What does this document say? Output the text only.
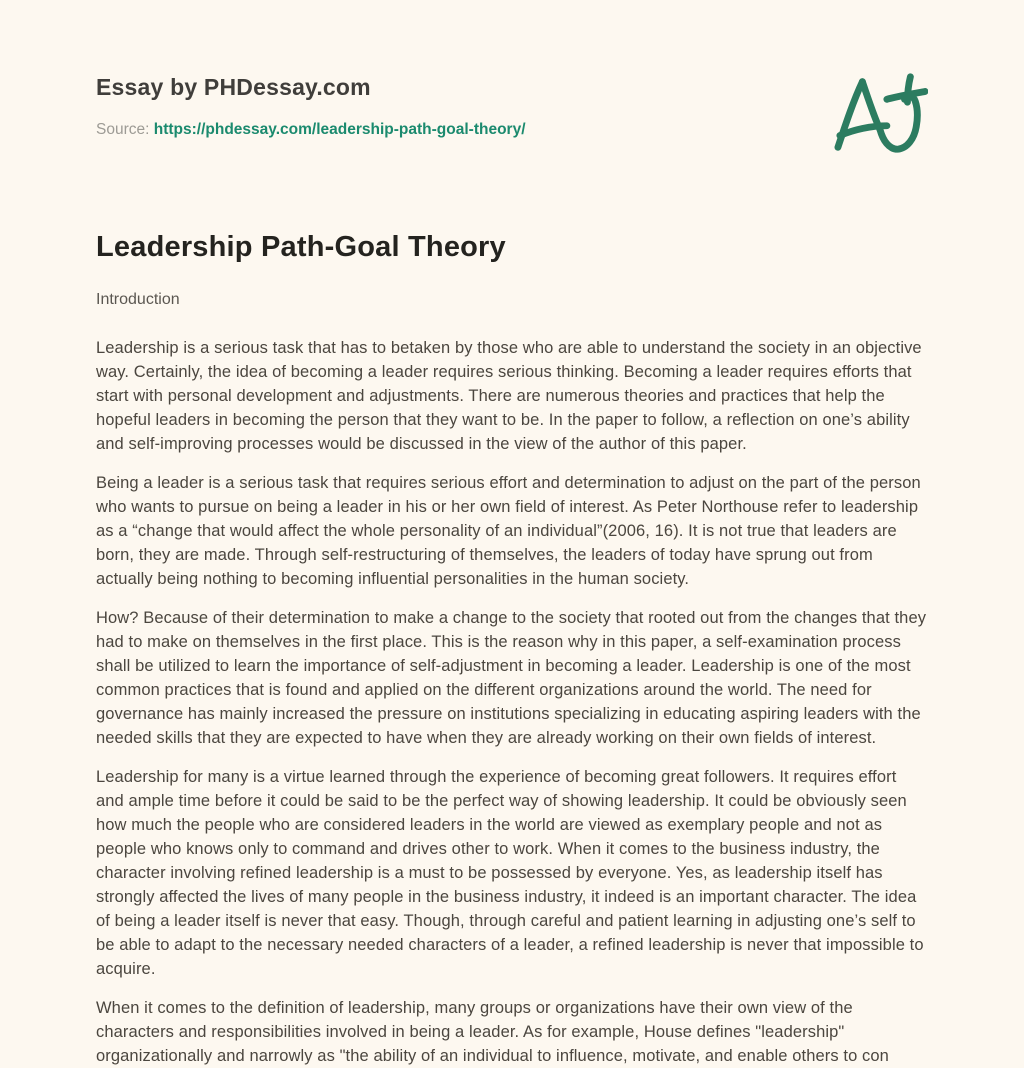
Essay by PHDessay.com
Source: https://phdessay.com/leadership-path-goal-theory/
Leadership Path-Goal Theory

Introduction

Leadership is a serious task that has to betaken by those who are able to understand the society in an objective way. Certainly, the idea of becoming a leader requires serious thinking. Becoming a leader requires efforts that start with personal development and adjustments. There are numerous theories and practices that help the hopeful leaders in becoming the person that they want to be. In the paper to follow, a reflection on one’s ability and self-improving processes would be discussed in the view of the author of this paper.

Being a leader is a serious task that requires serious effort and determination to adjust on the part of the person who wants to pursue on being a leader in his or her own field of interest. As Peter Northouse refer to leadership as a “change that would affect the whole personality of an individual”(2006, 16). It is not true that leaders are born, they are made. Through self-restructuring of themselves, the leaders of today have sprung out from actually being nothing to becoming influential personalities in the human society.

How? Because of their determination to make a change to the society that rooted out from the changes that they had to make on themselves in the first place. This is the reason why in this paper, a self-examination process shall be utilized to learn the importance of self-adjustment in becoming a leader. Leadership is one of the most common practices that is found and applied on the different organizations around the world. The need for governance has mainly increased the pressure on institutions specializing in educating aspiring leaders with the needed skills that they are expected to have when they are already working on their own fields of interest.

Leadership for many is a virtue learned through the experience of becoming great followers. It requires effort and ample time before it could be said to be the perfect way of showing leadership. It could be obviously seen how much the people who are considered leaders in the world are viewed as exemplary people and not as people who knows only to command and drives other to work. When it comes to the business industry, the character involving refined leadership is a must to be possessed by everyone. Yes, as leadership itself has strongly affected the lives of many people in the business industry, it indeed is an important character. The idea of being a leader itself is never that easy. Though, through careful and patient learning in adjusting one’s self to be able to adapt to the necessary needed characters of a leader, a refined leadership is never that impossible to acquire.

When it comes to the definition of leadership, many groups or organizations have their own view of the characters and responsibilities involved in being a leader. As for example, House defines "leadership" organizationally and narrowly as "the ability of an individual to influence, motivate, and enable others to con
